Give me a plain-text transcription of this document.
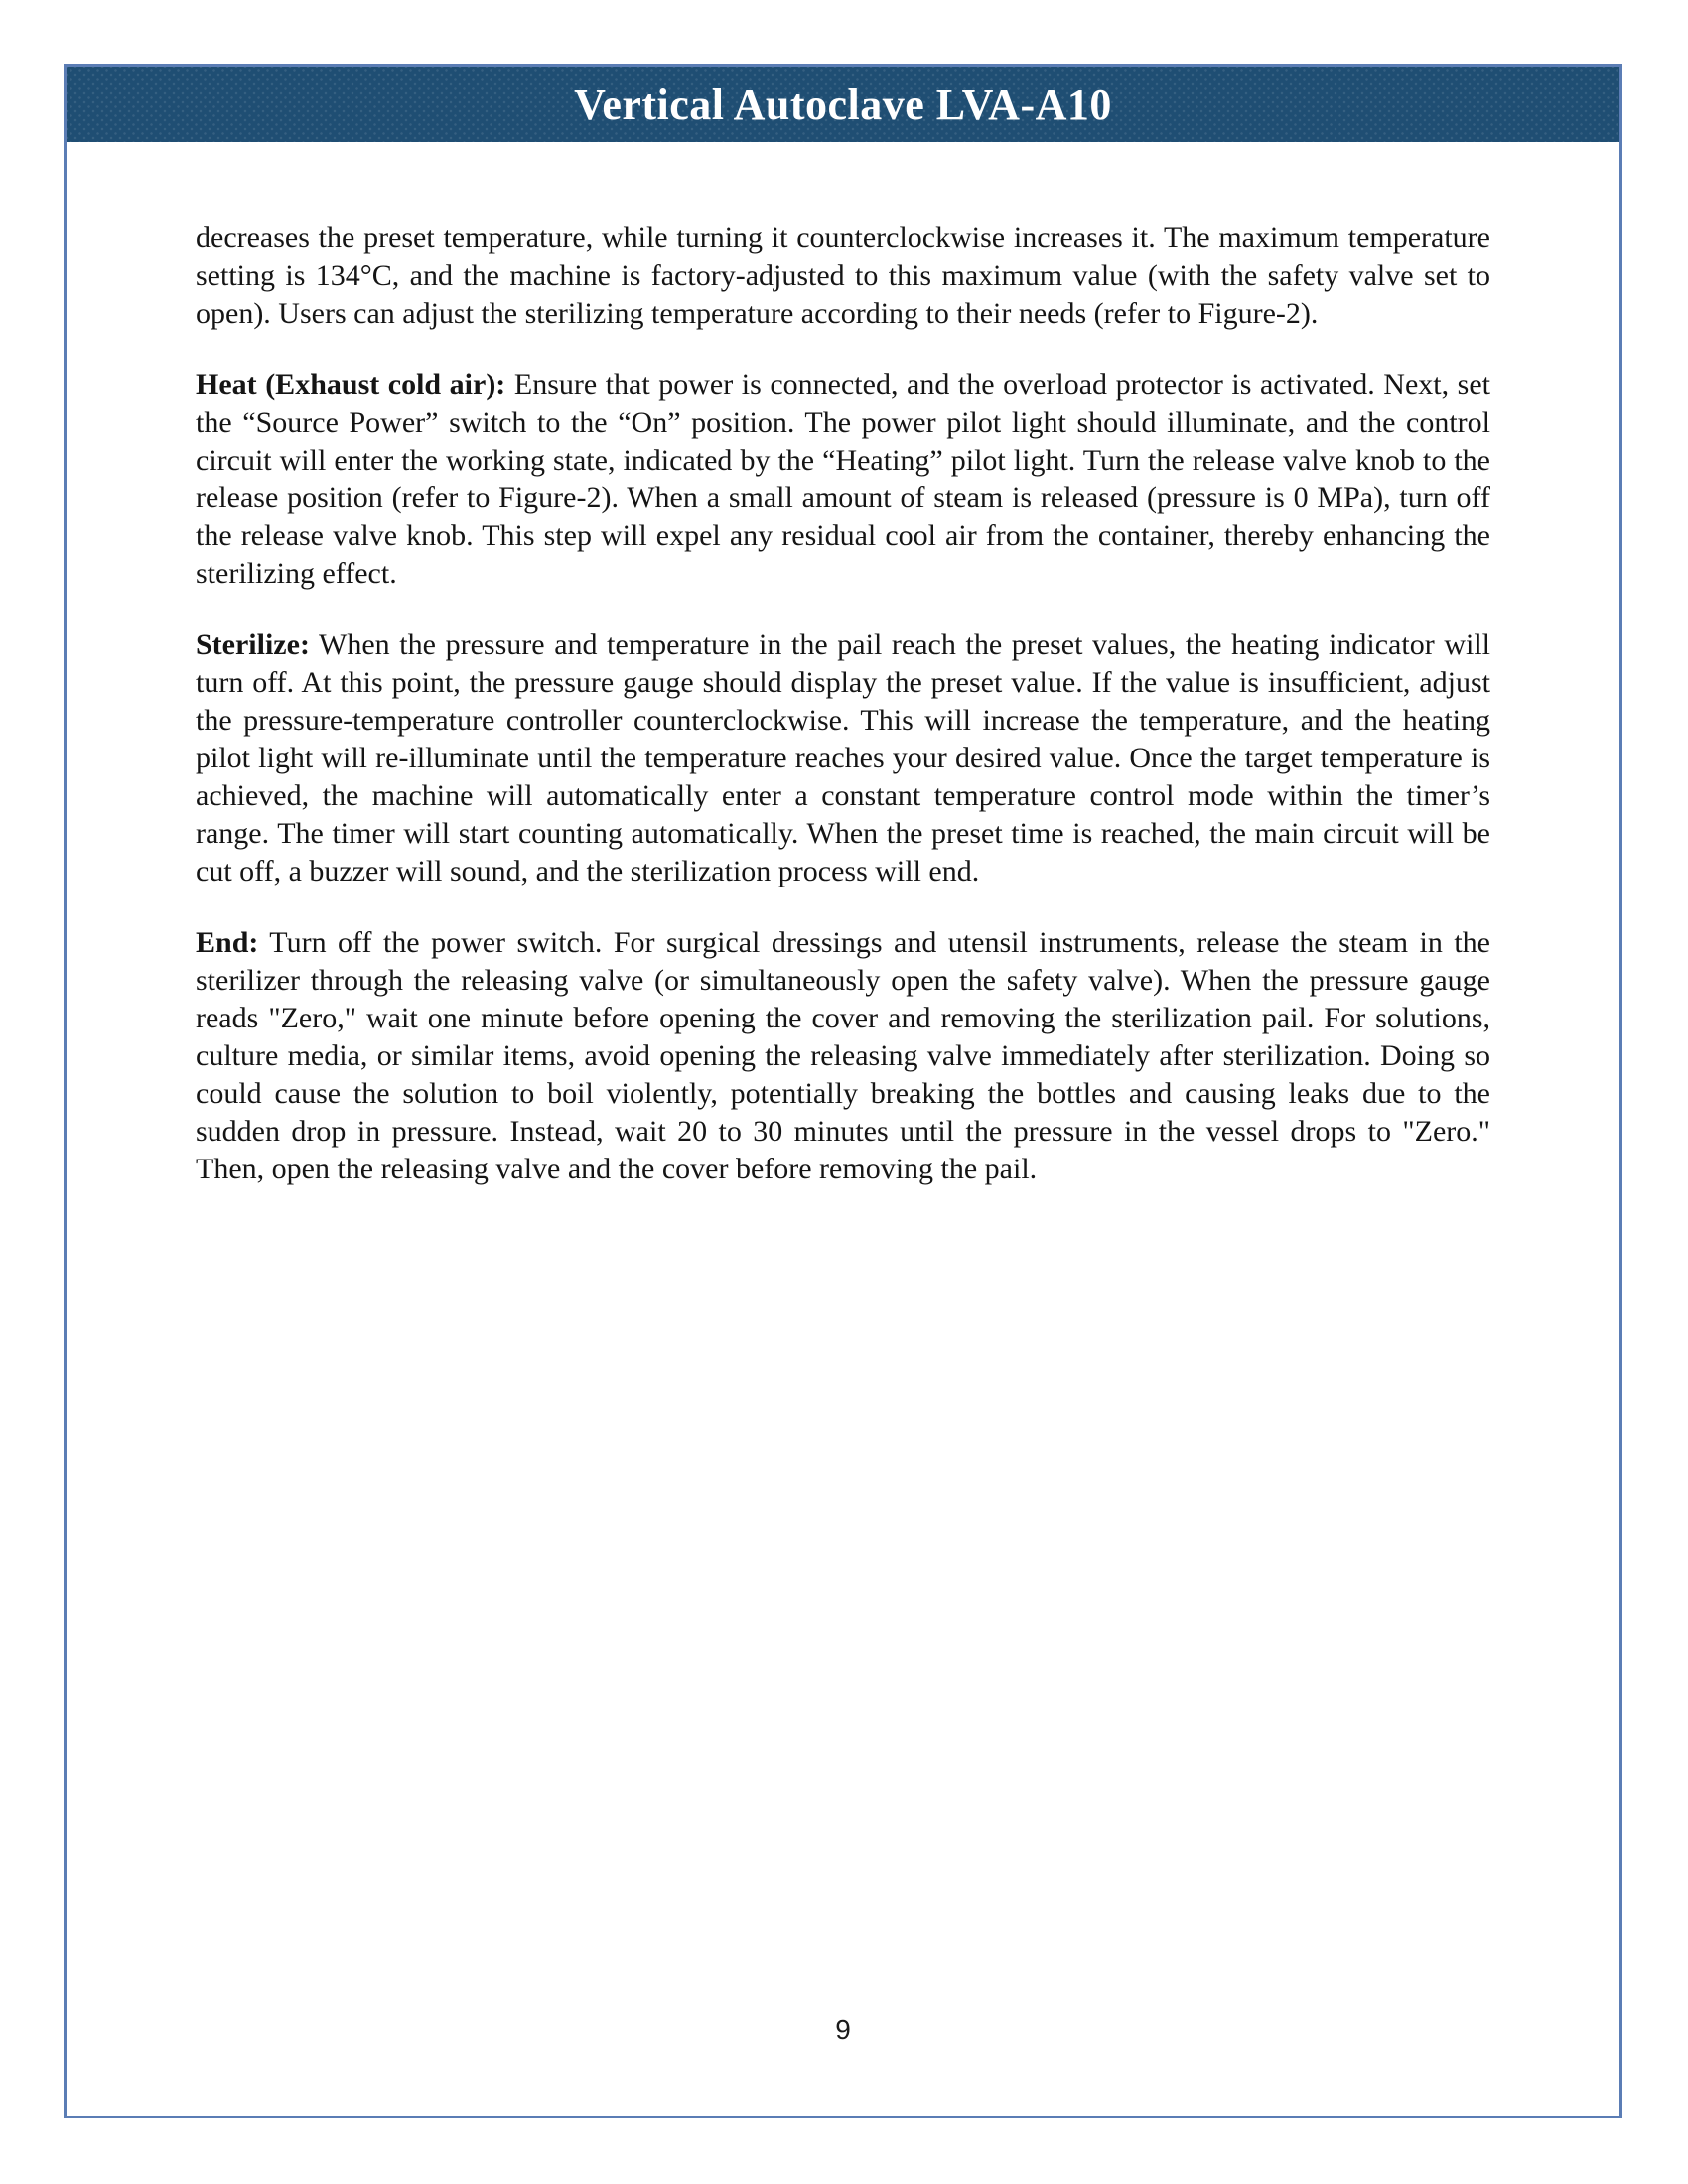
Vertical Autoclave LVA-A10

decreases the preset temperature, while turning it counterclockwise increases it. The maximum temperature setting is 134°C, and the machine is factory-adjusted to this maximum value (with the safety valve set to open). Users can adjust the sterilizing temperature according to their needs (refer to Figure-2).

Heat (Exhaust cold air): Ensure that power is connected, and the overload protector is activated. Next, set the “Source Power” switch to the “On” position. The power pilot light should illuminate, and the control circuit will enter the working state, indicated by the “Heating” pilot light. Turn the release valve knob to the release position (refer to Figure-2). When a small amount of steam is released (pressure is 0 MPa), turn off the release valve knob. This step will expel any residual cool air from the container, thereby enhancing the sterilizing effect.

Sterilize: When the pressure and temperature in the pail reach the preset values, the heating indicator will turn off. At this point, the pressure gauge should display the preset value. If the value is insufficient, adjust the pressure-temperature controller counterclockwise. This will increase the temperature, and the heating pilot light will re-illuminate until the temperature reaches your desired value. Once the target temperature is achieved, the machine will automatically enter a constant temperature control mode within the timer’s range. The timer will start counting automatically. When the preset time is reached, the main circuit will be cut off, a buzzer will sound, and the sterilization process will end.

End: Turn off the power switch. For surgical dressings and utensil instruments, release the steam in the sterilizer through the releasing valve (or simultaneously open the safety valve). When the pressure gauge reads "Zero," wait one minute before opening the cover and removing the sterilization pail. For solutions, culture media, or similar items, avoid opening the releasing valve immediately after sterilization. Doing so could cause the solution to boil violently, potentially breaking the bottles and causing leaks due to the sudden drop in pressure. Instead, wait 20 to 30 minutes until the pressure in the vessel drops to "Zero." Then, open the releasing valve and the cover before removing the pail.

9
